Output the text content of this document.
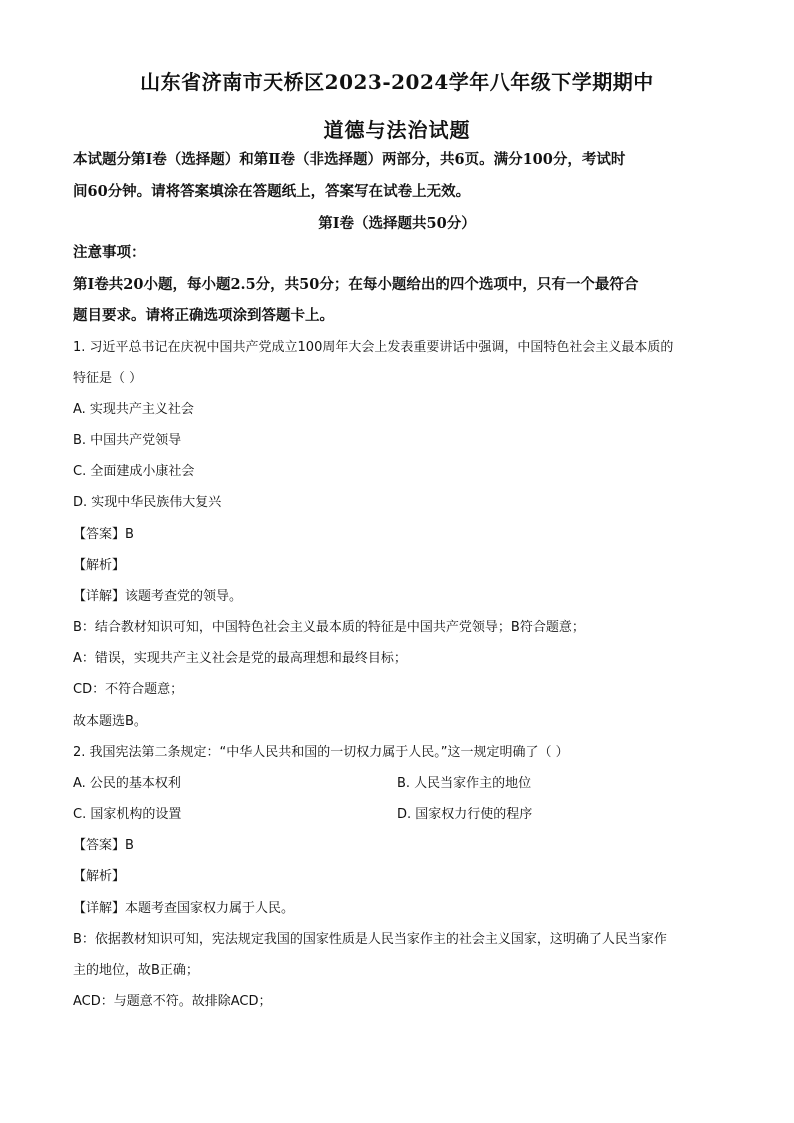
山东省济南市天桥区2023-2024学年八年级下学期期中
道德与法治试题
本试题分第Ⅰ卷（选择题）和第Ⅱ卷（非选择题）两部分，共6页。满分100分，考试时
间60分钟。请将答案填涂在答题纸上，答案写在试卷上无效。
第Ⅰ卷（选择题共50分）
注意事项：
第Ⅰ卷共20小题，每小题2.5分，共50分；在每小题给出的四个选项中，只有一个最符合
题目要求。请将正确选项涂到答题卡上。
1. 习近平总书记在庆祝中国共产党成立100周年大会上发表重要讲话中强调，中国特色社会主义最本质的
特征是（ ）
A. 实现共产主义社会
B. 中国共产党领导
C. 全面建成小康社会
D. 实现中华民族伟大复兴
【答案】B
【解析】
【详解】该题考查党的领导。
B：结合教材知识可知，中国特色社会主义最本质的特征是中国共产党领导；B符合题意；
A：错误，实现共产主义社会是党的最高理想和最终目标；
CD：不符合题意；
故本题选B。
2. 我国宪法第二条规定：“中华人民共和国的一切权力属于人民。”这一规定明确了（ ）
A. 公民的基本权利	B. 人民当家作主的地位
C. 国家机构的设置	D. 国家权力行使的程序
【答案】B
【解析】
【详解】本题考查国家权力属于人民。
B：依据教材知识可知，宪法规定我国的国家性质是人民当家作主的社会主义国家，这明确了人民当家作
主的地位，故B正确；
ACD：与题意不符。故排除ACD；
